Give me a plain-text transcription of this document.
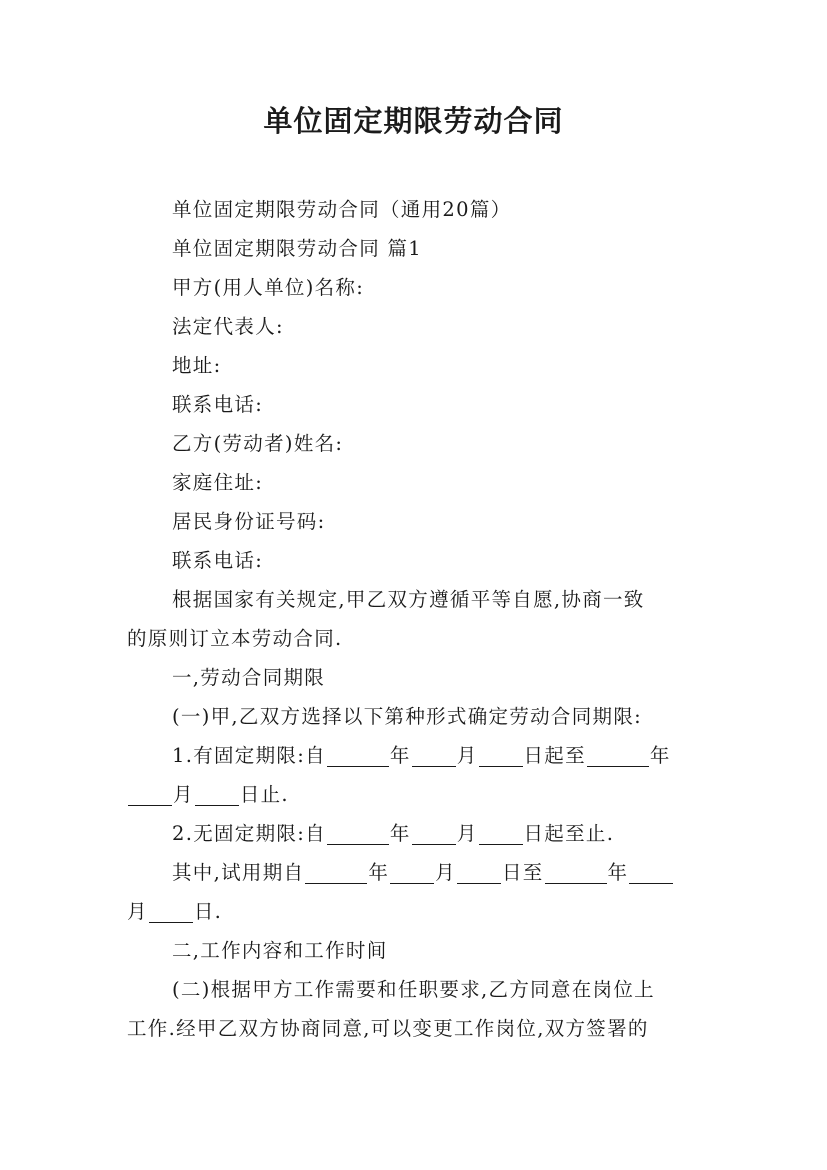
单位固定期限劳动合同

单位固定期限劳动合同（通用20篇）

单位固定期限劳动合同 篇1

甲方(用人单位)名称:

法定代表人:

地址:

联系电话:

乙方(劳动者)姓名:

家庭住址:

居民身份证号码:

联系电话:

根据国家有关规定,甲乙双方遵循平等自愿,协商一致

的原则订立本劳动合同.

一,劳动合同期限

(一)甲,乙双方选择以下第种形式确定劳动合同期限:

1.有固定期限:自	年 月 日起至	年

月 日止.

2.无固定期限:自	年 月 日起至止.

其中,试用期自	年 月 日至	年

月 日.

二,工作内容和工作时间

(二)根据甲方工作需要和任职要求,乙方同意在岗位上

工作.经甲乙双方协商同意,可以变更工作岗位,双方签署的
